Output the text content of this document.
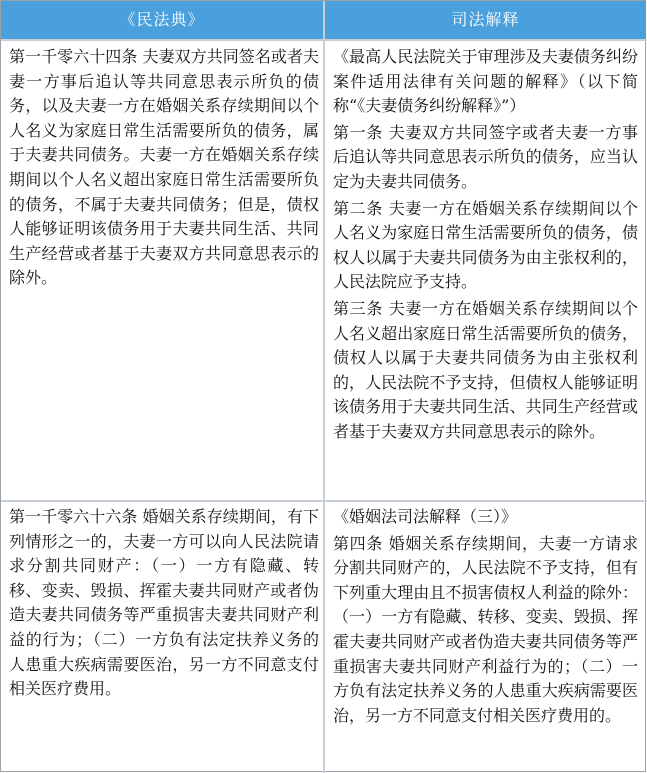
《民法典》	司法解释

第一千零六十四条 夫妻双方共同签名或者夫妻一方事后追认等共同意思表示所负的债务，以及夫妻一方在婚姻关系存续期间以个人名义为家庭日常生活需要所负的债务，属于夫妻共同债务。夫妻一方在婚姻关系存续期间以个人名义超出家庭日常生活需要所负的债务，不属于夫妻共同债务；但是，债权人能够证明该债务用于夫妻共同生活、共同生产经营或者基于夫妻双方共同意思表示的除外。

《最高人民法院关于审理涉及夫妻债务纠纷案件适用法律有关问题的解释》（以下简称“《夫妻债务纠纷解释》”）

第一条 夫妻双方共同签字或者夫妻一方事后追认等共同意思表示所负的债务，应当认定为夫妻共同债务。

第二条 夫妻一方在婚姻关系存续期间以个人名义为家庭日常生活需要所负的债务，债权人以属于夫妻共同债务为由主张权利的，人民法院应予支持。

第三条 夫妻一方在婚姻关系存续期间以个人名义超出家庭日常生活需要所负的债务，债权人以属于夫妻共同债务为由主张权利的，人民法院不予支持，但债权人能够证明该债务用于夫妻共同生活、共同生产经营或者基于夫妻双方共同意思表示的除外。

第一千零六十六条 婚姻关系存续期间，有下列情形之一的，夫妻一方可以向人民法院请求分割共同财产：（一）一方有隐藏、转移、变卖、毁损、挥霍夫妻共同财产或者伪造夫妻共同债务等严重损害夫妻共同财产利益的行为；（二）一方负有法定扶养义务的人患重大疾病需要医治，另一方不同意支付相关医疗费用。

《婚姻法司法解释（三）》

第四条 婚姻关系存续期间，夫妻一方请求分割共同财产的，人民法院不予支持，但有下列重大理由且不损害债权人利益的除外：（一）一方有隐藏、转移、变卖、毁损、挥霍夫妻共同财产或者伪造夫妻共同债务等严重损害夫妻共同财产利益行为的；（二）一方负有法定扶养义务的人患重大疾病需要医治，另一方不同意支付相关医疗费用的。
